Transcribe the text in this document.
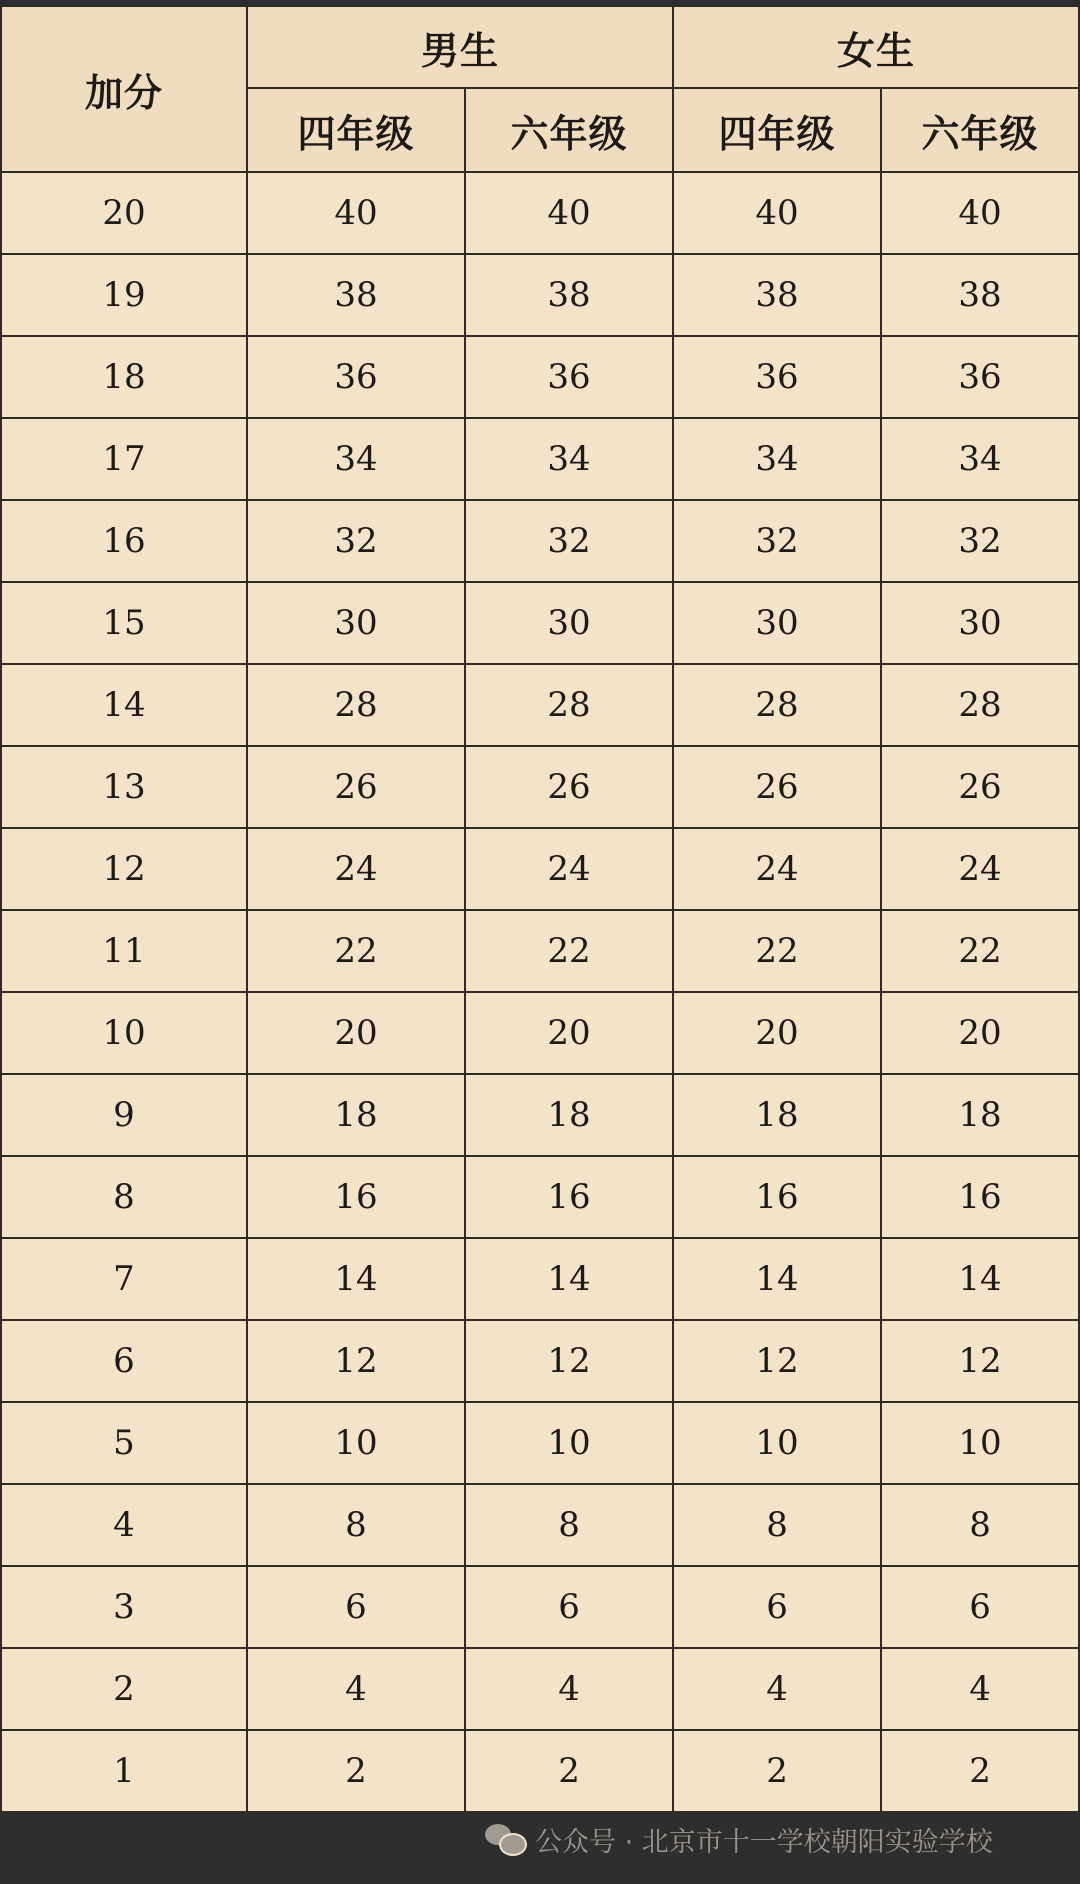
加分	男生		女生	
	四年级	六年级	四年级	六年级
20	40	40	40	40
19	38	38	38	38
18	36	36	36	36
17	34	34	34	34
16	32	32	32	32
15	30	30	30	30
14	28	28	28	28
13	26	26	26	26
12	24	24	24	24
11	22	22	22	22
10	20	20	20	20
9	18	18	18	18
8	16	16	16	16
7	14	14	14	14
6	12	12	12	12
5	10	10	10	10
4	8	8	8	8
3	6	6	6	6
2	4	4	4	4
1	2	2	2	2
公众号 · 北京市十一学校朝阳实验学校
